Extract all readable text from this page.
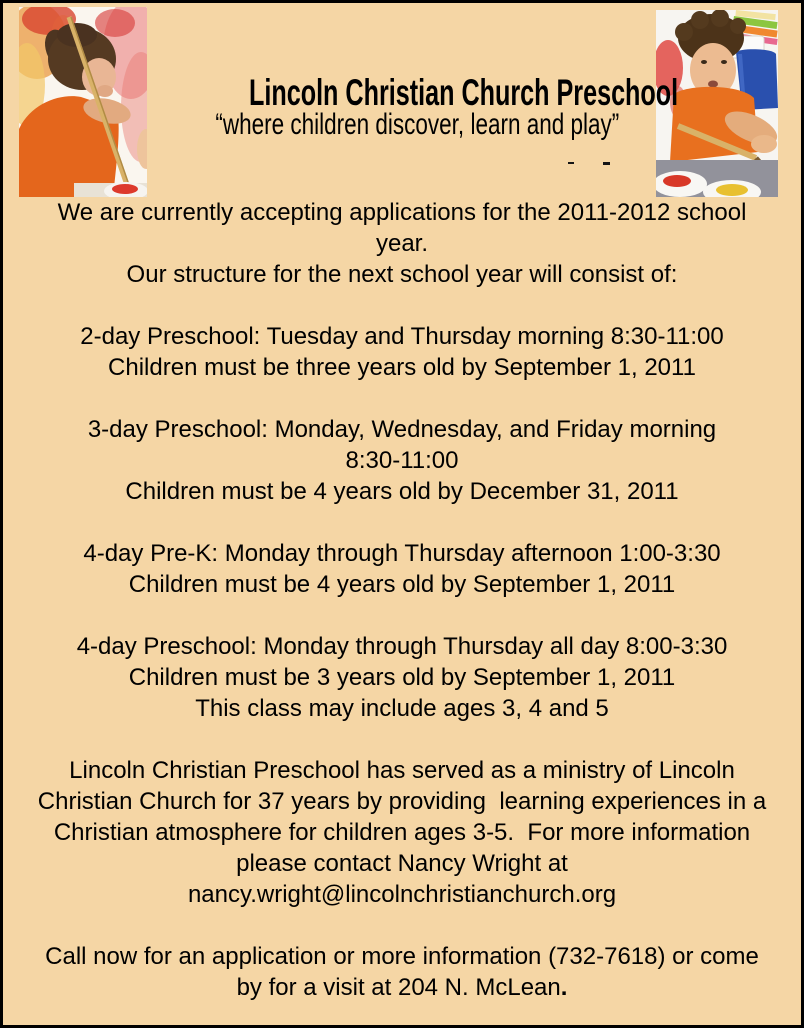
Lincoln Christian Church Preschool
“where children discover, learn and play”
We are currently accepting applications for the 2011-2012 school
year.
Our structure for the next school year will consist of:
2-day Preschool: Tuesday and Thursday morning 8:30-11:00
Children must be three years old by September 1, 2011
3-day Preschool: Monday, Wednesday, and Friday morning
8:30-11:00
Children must be 4 years old by December 31, 2011
4-day Pre-K: Monday through Thursday afternoon 1:00-3:30
Children must be 4 years old by September 1, 2011
4-day Preschool: Monday through Thursday all day 8:00-3:30
Children must be 3 years old by September 1, 2011
This class may include ages 3, 4 and 5
Lincoln Christian Preschool has served as a ministry of Lincoln
Christian Church for 37 years by providing  learning experiences in a
Christian atmosphere for children ages 3-5.  For more information
please contact Nancy Wright at
nancy.wright@lincolnchristianchurch.org
Call now for an application or more information (732-7618) or come
by for a visit at 204 N. McLean.
